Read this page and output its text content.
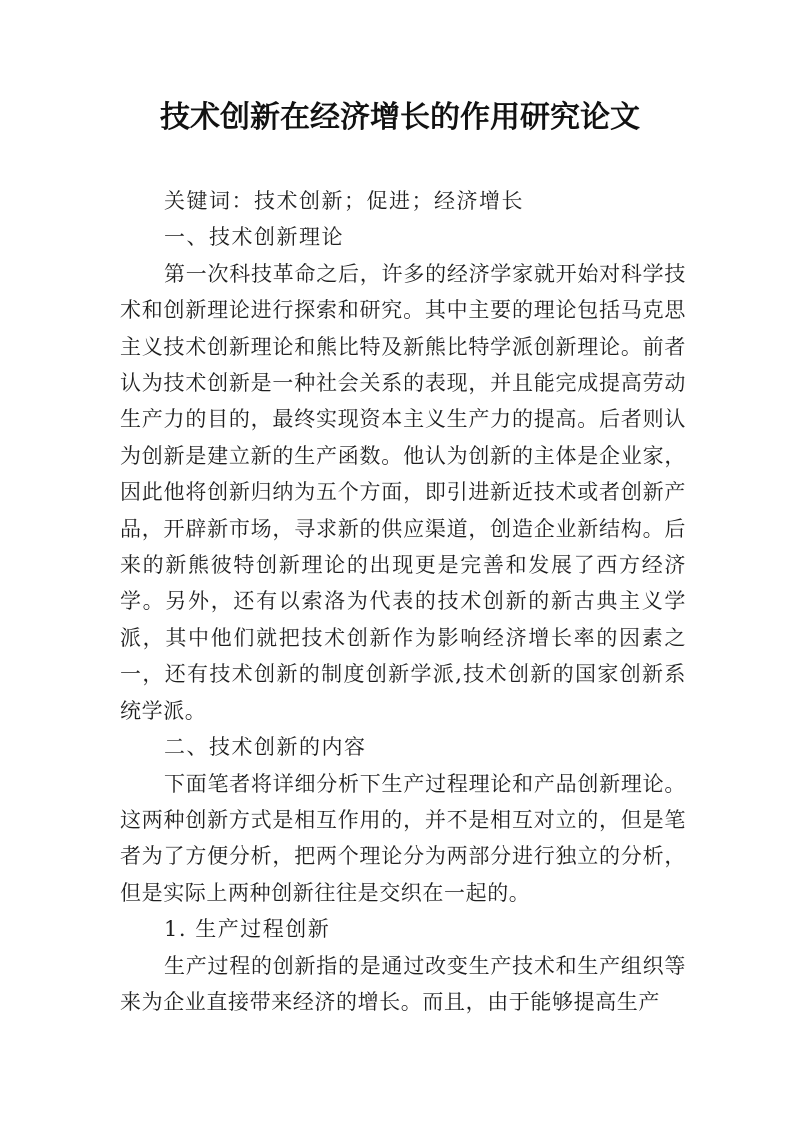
技术创新在经济增长的作用研究论文

关键词：技术创新；促进；经济增长

一、技术创新理论

第一次科技革命之后，许多的经济学家就开始对科学技术和创新理论进行探索和研究。其中主要的理论包括马克思主义技术创新理论和熊比特及新熊比特学派创新理论。前者认为技术创新是一种社会关系的表现，并且能完成提高劳动生产力的目的，最终实现资本主义生产力的提高。后者则认为创新是建立新的生产函数。他认为创新的主体是企业家，因此他将创新归纳为五个方面，即引进新近技术或者创新产品，开辟新市场，寻求新的供应渠道，创造企业新结构。后来的新熊彼特创新理论的出现更是完善和发展了西方经济学。另外，还有以索洛为代表的技术创新的新古典主义学派，其中他们就把技术创新作为影响经济增长率的因素之一，还有技术创新的制度创新学派,技术创新的国家创新系统学派。

二、技术创新的内容

下面笔者将详细分析下生产过程理论和产品创新理论。这两种创新方式是相互作用的，并不是相互对立的，但是笔者为了方便分析，把两个理论分为两部分进行独立的分析，但是实际上两种创新往往是交织在一起的。

1. 生产过程创新

生产过程的创新指的是通过改变生产技术和生产组织等来为企业直接带来经济的增长。而且，由于能够提高生产
